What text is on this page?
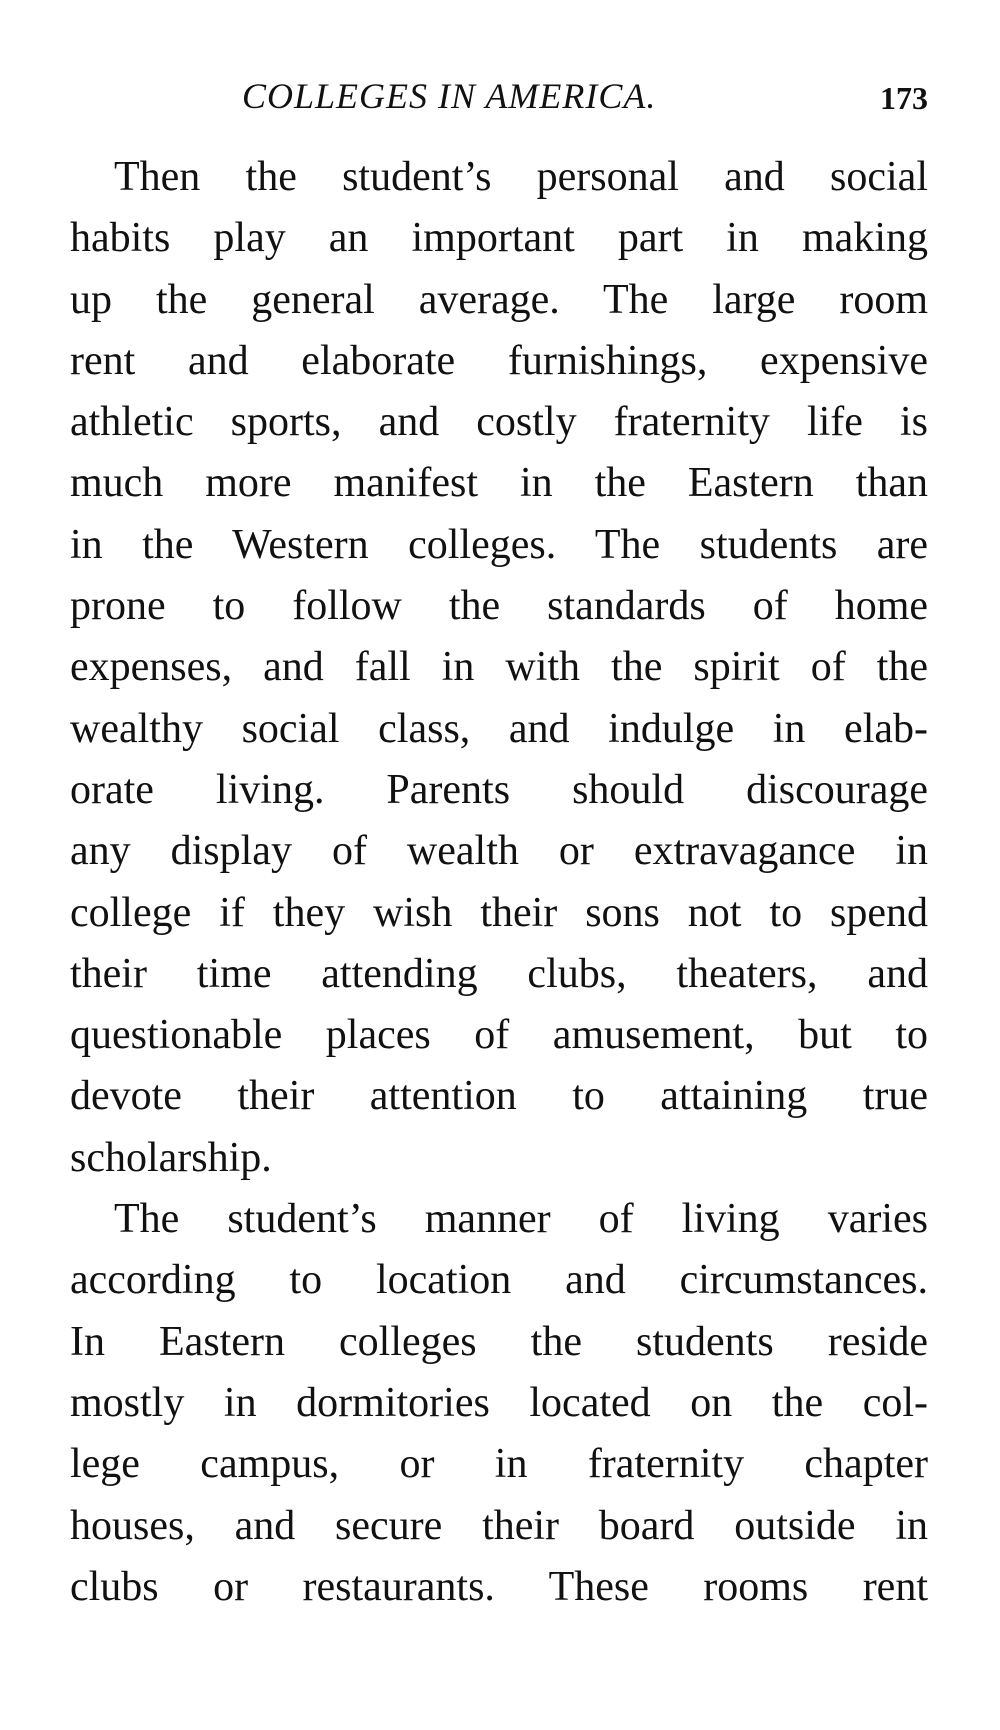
COLLEGES IN AMERICA.	173
Then the student’s personal and social
habits play an important part in making
up the general average. The large room
rent and elaborate furnishings, expensive
athletic sports, and costly fraternity life is
much more manifest in the Eastern than
in the Western colleges. The students are
prone to follow the standards of home
expenses, and fall in with the spirit of the
wealthy social class, and indulge in elab-
orate living. Parents should discourage
any display of wealth or extravagance in
college if they wish their sons not to spend
their time attending clubs, theaters, and
questionable places of amusement, but to
devote their attention to attaining true
scholarship.
The student’s manner of living varies
according to location and circumstances.
In Eastern colleges the students reside
mostly in dormitories located on the col-
lege campus, or in fraternity chapter
houses, and secure their board outside in
clubs or restaurants. These rooms rent
